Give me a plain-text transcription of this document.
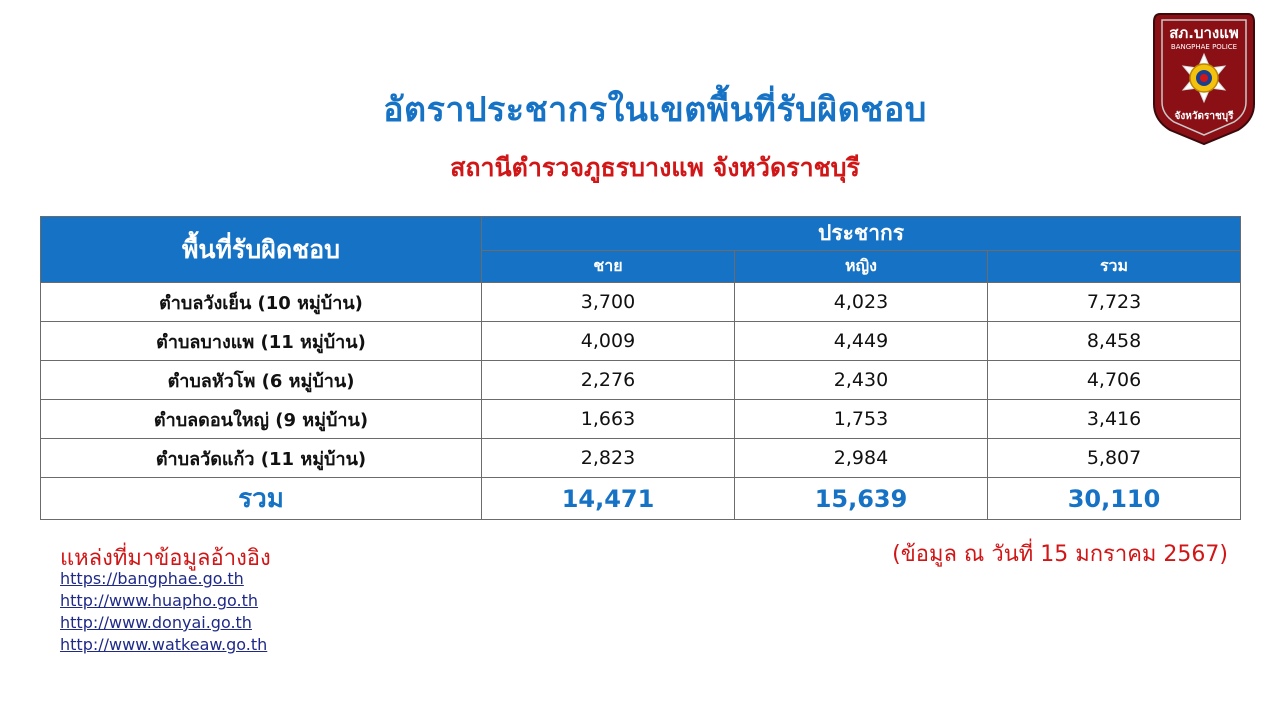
อัตราประชากรในเขตพื้นที่รับผิดชอบ
สถานีตำรวจภูธรบางแพ จังหวัดราชบุรี
สภ.บางแพ
BANGPHAE POLICE
จังหวัดราชบุรี
พื้นที่รับผิดชอบ	ประชากร		
	ชาย	หญิง	รวม
ตำบลวังเย็น (10 หมู่บ้าน)	3,700	4,023	7,723
ตำบลบางแพ (11 หมู่บ้าน)	4,009	4,449	8,458
ตำบลหัวโพ (6 หมู่บ้าน)	2,276	2,430	4,706
ตำบลดอนใหญ่ (9 หมู่บ้าน)	1,663	1,753	3,416
ตำบลวัดแก้ว (11 หมู่บ้าน)	2,823	2,984	5,807
รวม	14,471	15,639	30,110
แหล่งที่มาข้อมูลอ้างอิง
https://bangphae.go.th
http://www.huapho.go.th
http://www.donyai.go.th
http://www.watkeaw.go.th
(ข้อมูล ณ วันที่ 15 มกราคม 2567)
